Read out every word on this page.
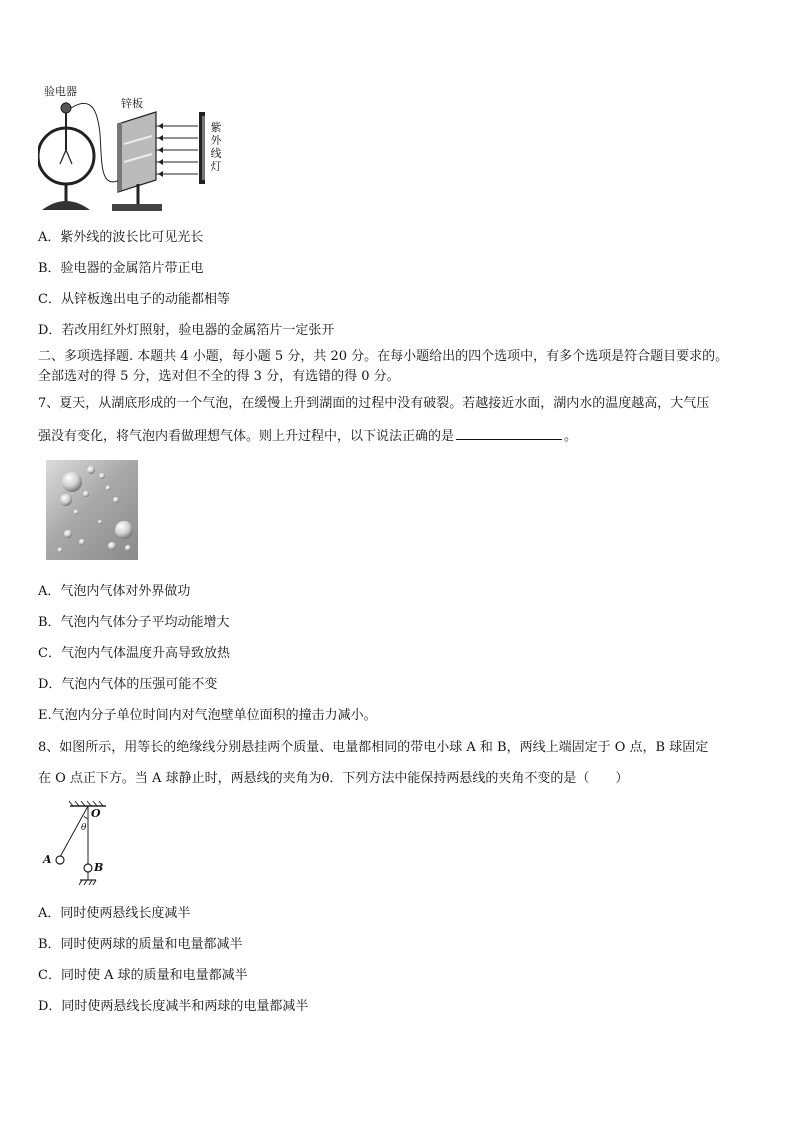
验电器
锌板
紫
外
线
灯
A．紫外线的波长比可见光长
B．验电器的金属箔片带正电
C．从锌板逸出电子的动能都相等
D．若改用红外灯照射，验电器的金属箔片一定张开
二、多项选择题. 本题共 4 小题，每小题 5 分，共 20 分。在每小题给出的四个选项中，有多个选项是符合题目要求的。
全部选对的得 5 分，选对但不全的得 3 分，有选错的得 0 分。
7、夏天，从湖底形成的一个气泡，在缓慢上升到湖面的过程中没有破裂。若越接近水面，湖内水的温度越高，大气压
强没有变化，将气泡内看做理想气体。则上升过程中，以下说法正确的是	。
A．气泡内气体对外界做功
B．气泡内气体分子平均动能增大
C．气泡内气体温度升高导致放热
D．气泡内气体的压强可能不变
E.气泡内分子单位时间内对气泡壁单位面积的撞击力减小。
8、如图所示，用等长的绝缘线分别悬挂两个质量、电量都相同的带电小球 A 和 B，两线上端固定于 O 点，B 球固定
在 O 点正下方。当 A 球静止时，两悬线的夹角为θ．下列方法中能保持两悬线的夹角不变的是（　　）
O
θ
A
B
A．同时使两悬线长度减半
B．同时使两球的质量和电量都减半
C．同时使 A 球的质量和电量都减半
D．同时使两悬线长度减半和两球的电量都减半
